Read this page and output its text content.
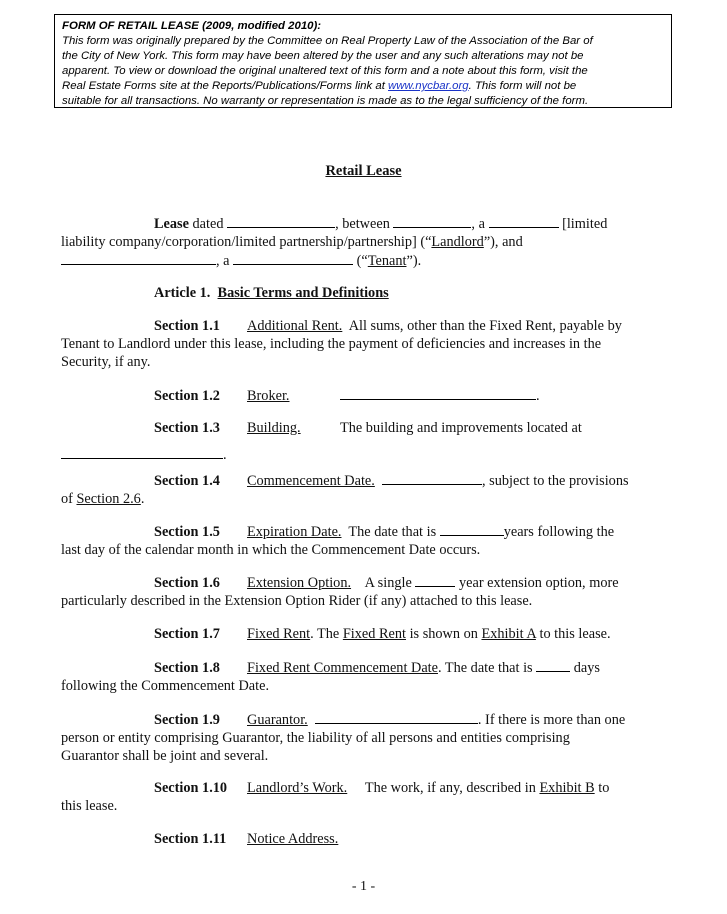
FORM OF RETAIL LEASE (2009, modified 2010):
This form was originally prepared by the Committee on Real Property Law of the Association of the Bar of
the City of New York. This form may have been altered by the user and any such alterations may not be
apparent. To view or download the original unaltered text of this form and a note about this form, visit the
Real Estate Forms site at the Reports/Publications/Forms link at www.nycbar.org. This form will not be
suitable for all transactions. No warranty or representation is made as to the legal sufficiency of the form.
Retail Lease
Lease dated	, between	, a	[limited
liability company/corporation/limited partnership/partnership] (“Landlord”), and
, a	(“Tenant”).
Article 1. Basic Terms and Definitions
Section 1.1 Additional Rent. All sums, other than the Fixed Rent, payable by
Tenant to Landlord under this lease, including the payment of deficiencies and increases in the
Security, if any.
Section 1.2 Broker.	.
Section 1.3 Building.	The building and improvements located at

.
Section 1.4 Commencement Date.	, subject to the provisions
of Section 2.6.
Section 1.5 Expiration Date. The date that is	years following the
last day of the calendar month in which the Commencement Date occurs.
Section 1.6 Extension Option. A single	year extension option, more
particularly described in the Extension Option Rider (if any) attached to this lease.
Section 1.7 Fixed Rent. The Fixed Rent is shown on Exhibit A to this lease.
Section 1.8 Fixed Rent Commencement Date. The date that is  days
following the Commencement Date.
Section 1.9 Guarantor.	. If there is more than one
person or entity comprising Guarantor, the liability of all persons and entities comprising
Guarantor shall be joint and several.
Section 1.10 Landlord’s Work. The work, if any, described in Exhibit B to
this lease.
Section 1.11 Notice Address.
- 1 -
